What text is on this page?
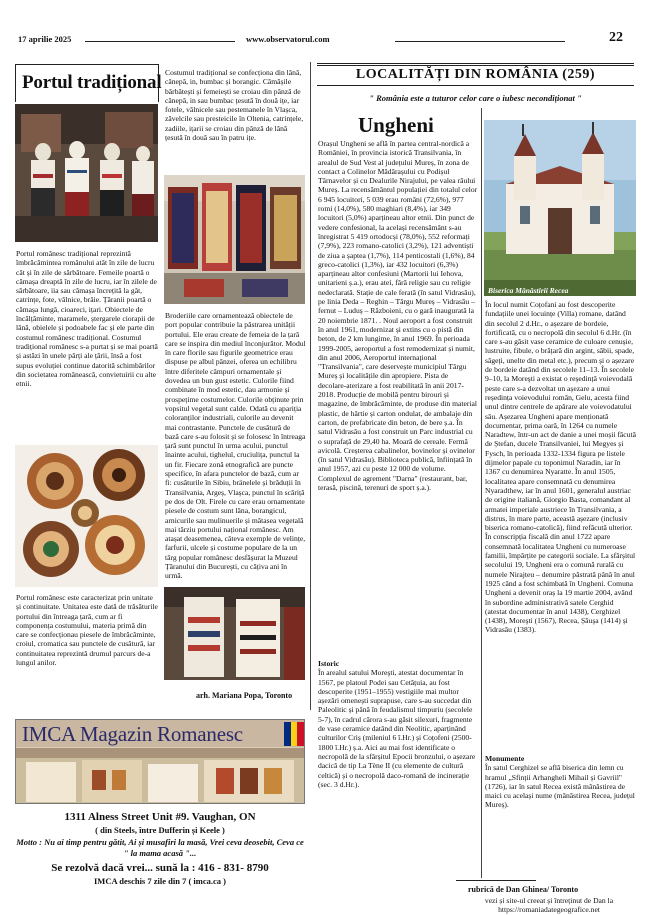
17 aprilie 2025	www.observatorul.com	22
Portul tradițional

Portul românesc tradițional reprezintă îmbrăcămintea românului atât în zile de lucru cât și în zile de sărbătoare. Femeile poartă o cămașa dreaptă în zile de lucru, iar în zilele de sărbătoare, iia sau cămașa încrețită la gât, catrințe, fote, vâlnice, brâie. Țăranii poartă o cămașa lungă, cioareci, ițari. Obiectele de încălțăminte, maramele, ștergarele ciorapii de lână, obielele și podoabele fac și ele parte din costumul românesc tradițional. Costumul tradițional românesc s-a purtat și se mai poartă și astăzi în unele părți ale țării, însă a fost supus evoluției continue datorită schimbărilor din societatea românească, convietuirii cu alte etnii.

Portul românesc este caracterizat prin unitate și continuitate. Unitatea este dată de trăsăturile portului din întreaga țară, cum ar fi componența costumului, materia primă din care se confecționau piesele de îmbrăcăminte, croiul, cromatica sau punctele de cusătură, iar continuitatea reprezintă drumul parcurs de-a lungul anilor.

Costumul tradițional se confecționa din lână, cânepă, in, bumbac și borangic. Cămășile bărbătești și femeiești se croiau din pânză de cânepă, in sau bumbac țesută în două ițe, iar fotele, vâlnicele sau pestemanele în Vlașca, zăvelcile sau presteicile în Oltenia, catrințele, zadiile, ițarii se croiau din pânză de lână țesută în două sau în patru ițe.

Broderiile care ornamentează obiectele de port popular contribuie la păstrarea unității portului. Ele erau create de femeia de la țară care se inspira din mediul înconjurător. Modul în care florile sau figurile geometrice erau dispuse pe albul pânzei, oferea un echilibru între diferitele câmpuri ornamentale și dovedea un bun gust estetic. Culorile fiind combinate în mod estetic, dau armonie și prospețime costumelor. Culorile obținute prin vopsitul vegetal sunt calde. Odată cu apariția coloranților industriali, culorile au devenit mai contrastante. Punctele de cusătură de bază care s-au folosit și se folosesc în întreaga țară sunt punctul în urma acului, punctul înainte acului, tighelul, cruciulița, punctul la un fir. Fiecare zonă etnografică are puncte specifice, în afara punctelor de bază, cum ar fi: cusăturile în Sibiu, bränelele și brăduții în Transilvania, Argeș, Vlașca, punctul în scăriță pe dos de Olt. Firele cu care erau ornamentate piesele de costum sunt lâna, borangicul, arnicurile sau mulinuerile și mătasea vegetală mai târziu portului național românesc. Am atașat deasemenea, câteva exemple de velințe, farfurii, ulcele și costume populare de la un târg popular românesc desfășurat la Muzeul Țăranului din București, cu câțiva ani în urmă.

arh. Mariana Popa, Toronto
IMCA Magazin Romanesc
1311 Alness Street Unit #9. Vaughan, ON
( din Steels, între Dufferin și Keele )
Motto : Nu ai timp pentru gătit, Ai și musafiri la masă, Vrei ceva deosebit, Ceva ce " la mama acasă "...
Se rezolvă dacă vrei... sună la : 416 - 831- 8790
IMCA deschis 7 zile din 7 ( imca.ca )
LOCALITĂȚI DIN ROMÂNIA (259)
" România este a tuturor celor care o iubesc necondiționat "
Ungheni
Biserica Mănăstirii Recea

Orașul Ungheni se află în partea central-nordică a României, în provincia istorică Transilvania, în arealul de Sud Vest al județului Mureș, în zona de contact a Colinelor Mădărașului cu Podișul Târnavelor și cu Dealurile Nirajului, pe valea râului Mureș. La recensământul populației din totalul celor 6 945 locuitori, 5 039 erau români (72,6%), 977 romi (14,0%), 580 maghiari (8,4%), iar 349 locuitori (5,0%) aparțineau altor etnii. Din punct de vedere confesional, la același recensământ s-au înregistrat 5 419 ortodocși (78,0%), 552 reformați (7,9%), 223 romano-catolici (3,2%), 121 adventiști de ziua a șaptea (1,7%), 114 penticostali (1,6%), 84 greco-catolici (1,3%), iar 432 locuitori (6,3%) aparțineau altor confesiuni (Martorii lui Iehova, unitarieni ș.a.), erau ateí, fără religie sau cu religie nedeclarată. Stație de cale ferată (în satul Vidrasău), pe linia Deda – Reghin – Târgu Mureș – Vidrasău – fernut – Luduș – Războieni, cu o gară inaugurată la 20 noiembrie 1871. . Noul aeroport a fost construit în anul 1961, modernizat și extins cu o pistă din beton, de 2 km lungime, în anul 1969. În perioada 1999-2005, aeroportul a fost remodernizat și numit, din anul 2006, Aeroportul internațional "Transilvania", care deservește municipiul Târgu Mureș și localitățile din apropiere. Pista de decolare-aterizare a fost reabilitată în anii 2017-2018. Producție de mobilă pentru birouri și magazine, de îmbrăcăminte, de produse din material plastic, de hârtie și carton ondulat, de ambalaje din carton, de prefabricate din beton, de bere ș.a. În satul Vidrasău a fost construit un Parc industrial cu o suprafață de 29,40 ha. Moară de cereale. Fermă avicolă. Creșterea cabalinelor, bovinelor și ovinelor (în satul Vidrasău). Biblioteca publică, înființată în anul 1957, azi cu peste 12 000 de volume. Complexul de agrement "Darna" (restaurant, bar, terasă, piscină, terenuri de sport ș.a.).

Istoric

În arealul satului Moreşti, atestat documentar în 1567, pe platoul Podei sau Cetățuia, au fost descoperite (1951–1955) vestigiile mai multor așezări omenești suprapuse, care s-au succedat din Paleolitic și până în feudalismul timpuriu (secolele 5-7), în cadrul cărora s-au găsit silexuri, fragmente de vase ceramice datând din Neolitic, aparținând culturilor Criș (mileniul 6 î.Hr.) și Coțofeni (2500-1800 î.Hr.) ș.a. Aici au mai fost identificate o necropolă de la sfârșitul Epocii bronzului, o așezare dacică de tip La Tène II (cu elemente de cultură celtică) și o necropolă daco-romană de incinerație (sec. 3 d.Hr.).

În locul numit Coțofani au fost descoperite fundațiile unei locuințe (Villa) romane, datând din secolul 2 d.Hr., o așezare de bordeie, fortificată, cu o necropolă din secolul 6 d.Hr. (în care s-au găsit vase ceramice de culoare cenușie, lustruite, fibule, o brățară din argint, săbii, spade, săgeți, unelte din metal etc.), precum și o așezare de bordeie datând din secolele 11–13. În secolele 9–10, la Moreşti a existat o reședință voievodală peste care s-a dezvoltat un așezare a unui reședința voievodului român, Gelu, acesta fiind unul dintre centrele de apărare ale voievodatului său. Așezarea Ungheni apare menționată documentar, prima oară, în 1264 cu numele Naradtew, într-un act de danie a unei moșii făcută de Ștefan, ducele Transilvaniei, lui Megyes și Fysch, în perioada 1332-1334 figura pe listele dijmelor papale cu toponimul Naradin, iar în 1367 cu denumirea Nyaratte. În anul 1505, localitatea apare consemnată cu denumirea Nyaradthew, iar în anul 1601, generalul austriac de origine italiană, Giorgio Basta, comandant al armatei imperiale austriece în Transilvania, a distrus, în mare parte, această așezare (inclusiv biserica romano-catolică), fiind refăcută ulterior. În conscripția fiscală din anul 1722 apare consemnată localitatea Ungheni cu numeroase familii, împărțite pe categorii sociale. La sfârșitul secolului 19, Ungheni era o comună rurală cu numele Nirajteu – denumire păstrată până în anul 1925 când a fost schimbată în Ungheni. Comuna Ungheni a devenit oraș la 19 martie 2004, având în subordine administrativă satele Cerghid (atestat documentar în anul 1438), Cerghizel (1438), Moreşti (1567), Recea, Șăuşa (1414) și Vidrasău (1383).

Monumente

În satul Cerghizel se află biserica din lemn cu hramul „Sfinții Arhangheli Mihail și Gavriil" (1726), iar în satul Recea există mănăstirea de maici cu același nume (mănăstirea Recea, județul Mureș).

rubrică de Dan Ghinea/ Toronto
vezi și site-ul creeat și întreținut de Dan la https://romaniadategeografice.net
